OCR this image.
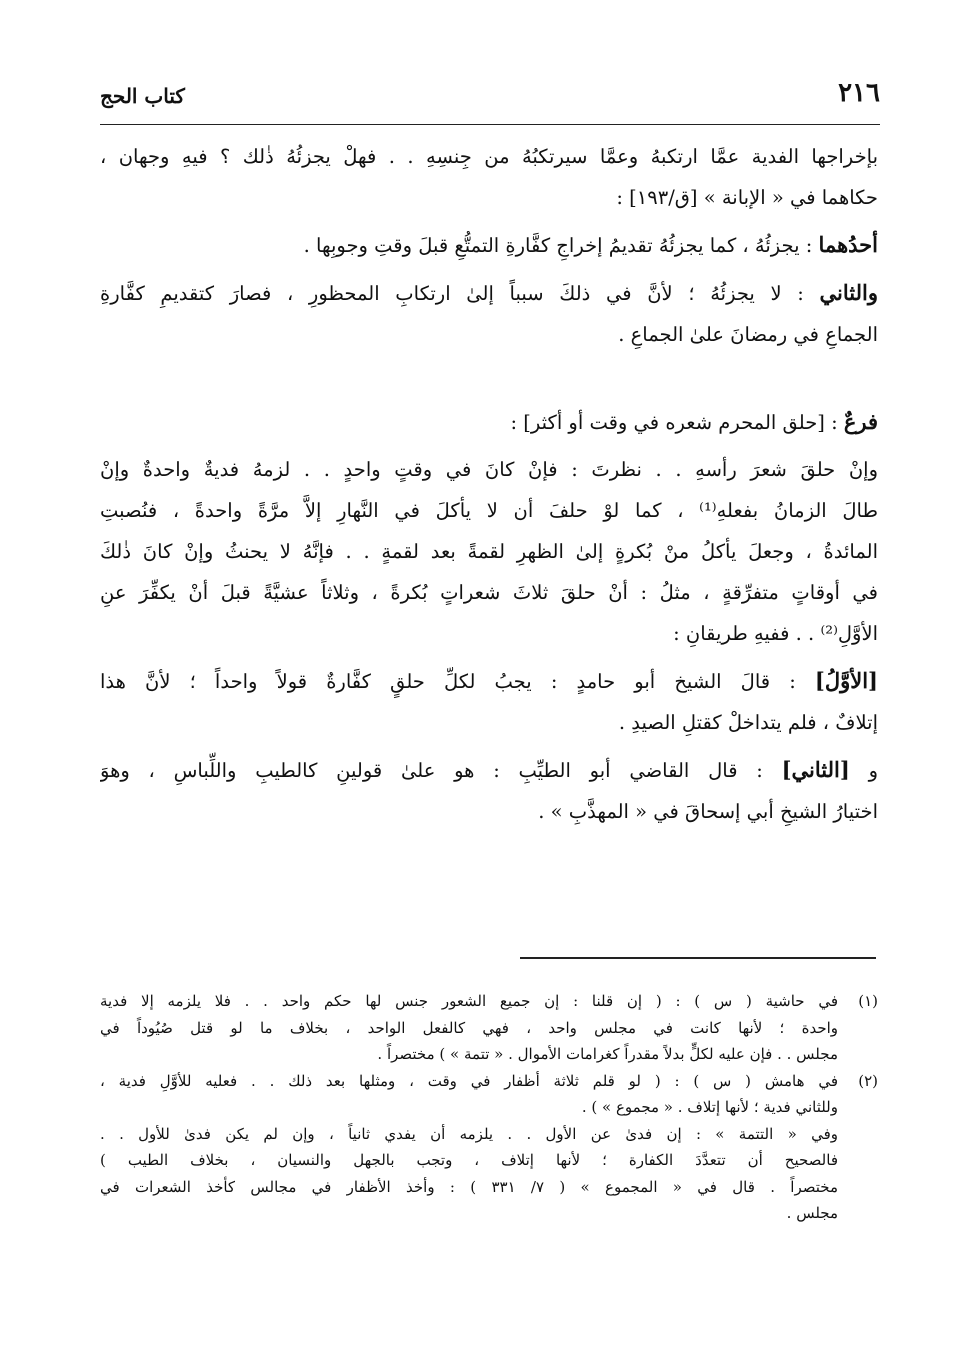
٢١٦
كتاب الحج
بإخراجها الفدية عمَّا ارتكبهُ وعمَّا سيرتكبُهُ من جِنسِهِ . . فهلْ يجزئُهُ ذٰلك ؟ فيهِ وجهان ،
حكاهما في « الإبانة » [ق/١٩٣] :
أحدُهما : يجزئُهُ ، كما يجزئُهُ تقديمُ إخراجِ كفَّارةِ التمتُّعِ قبلَ وقتِ وجوبِها .
والثاني : لا يجزئُهُ ؛ لأنَّ في ذلكَ سبباً إلىٰ ارتكابِ المحظورِ ، فصارَ كتقديمِ كفَّارةِ
الجماعِ في رمضانَ علىٰ الجماعِ .
فرعٌ : [حلق المحرم شعره في وقت أو أكثر] :
وإنْ حلقَ شعرَ رأسهِ . . نظرتَ : فإنْ كانَ في وقتٍ واحدٍ . . لزمهُ فديةٌ واحدةٌ وإنْ
طالَ الزمانُ بفعلهِ⁽¹⁾ ، كما لوْ حلفَ أن لا يأكلَ في النَّهارِ إلاَّ مرَّةً واحدةً ، فنُصبتِ
المائدةُ ، وجعلَ يأكلُ منْ بُكرةٍ إلىٰ الظهرِ لقمةً بعد لقمةٍ . . فإنَّهُ لا يحنثُ وإنْ كانَ ذٰلكَ
في أوقاتٍ متفرِّقةٍ ، مثلُ : أنْ حلقَ ثلاثَ شعراتٍ بُكرةً ، وثلاثاً عشيَّةً قبلَ أنْ يكفِّرَ عنِ
الأوَّلِ⁽²⁾ . . ففيهِ طريقانِ :
[الأوَّلُ] : قالَ الشيخ أبو حامدٍ : يجبُ لكلِّ حلقٍ كفَّارةٌ قولاً واحداً ؛ لأنَّ هذا
إتلافٌ ، فلم يتداخلْ كقتلِ الصيدِ .
و [الثاني] : قال القاضي أبو الطيِّبِ : هو علىٰ قولينِ كالطيبِ واللِّباسِ ، وهوَ
اختيارُ الشيخِ أبي إسحاقَ في « المهذَّبِ » .
(١)في حاشية ( س ) : ( إن قلنا : إن جميع الشعور جنس لها حكم واحد . . فلا يلزمه إلا فدية
واحدة ؛ لأنها كانت في مجلس واحد ، فهي كالفعل الواحد ، بخلاف ما لو قتل صُيُوداً في
مجلس . . فإن عليه لكلٍّ بدلاً مقدراً كغرامات الأموال . « تتمة » ) مختصراً .
(٢)في هامش ( س ) : ( لو قلم ثلاثة أظفار في وقت ، ومثلها بعد ذلك . . فعليه للأوَّلِ فدية ،
وللثاني فدية ؛ لأنها إتلاف . « مجموع » ) .
وفي « التتمة » : إن فدىٰ عن الأول . . يلزمه أن يفدي ثانياً ، وإن لم يكن فدىٰ للأول . .
فالصحيح أن تتعدَّدَ الكفارة ؛ لأنها إتلاف ، وتجب بالجهل والنسيان ، بخلاف الطيب )
مختصراً . قال في « المجموع » ( ٧/ ٣٣١ ) : وأخذ الأظفار في مجالس كأخذ الشعرات في
مجلس .
